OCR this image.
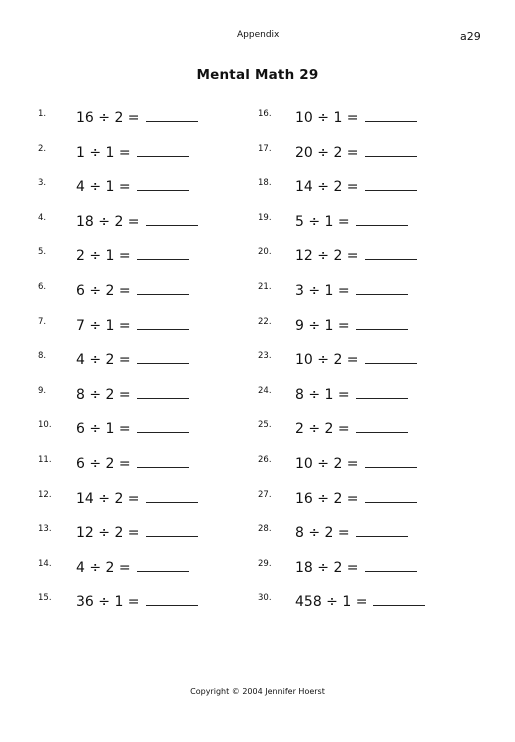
Appendix	a29
Mental Math 29
1. 16 ÷ 2 =
2. 1 ÷ 1 =
3. 4 ÷ 1 =
4. 18 ÷ 2 =
5. 2 ÷ 1 =
6. 6 ÷ 2 =
7. 7 ÷ 1 =
8. 4 ÷ 2 =
9. 8 ÷ 2 =
10. 6 ÷ 1 =
11. 6 ÷ 2 =
12. 14 ÷ 2 =
13. 12 ÷ 2 =
14. 4 ÷ 2 =
15. 36 ÷ 1 =
16. 10 ÷ 1 =
17. 20 ÷ 2 =
18. 14 ÷ 2 =
19. 5 ÷ 1 =
20. 12 ÷ 2 =
21. 3 ÷ 1 =
22. 9 ÷ 1 =
23. 10 ÷ 2 =
24. 8 ÷ 1 =
25. 2 ÷ 2 =
26. 10 ÷ 2 =
27. 16 ÷ 2 =
28. 8 ÷ 2 =
29. 18 ÷ 2 =
30. 458 ÷ 1 =
Copyright © 2004 Jennifer Hoerst
